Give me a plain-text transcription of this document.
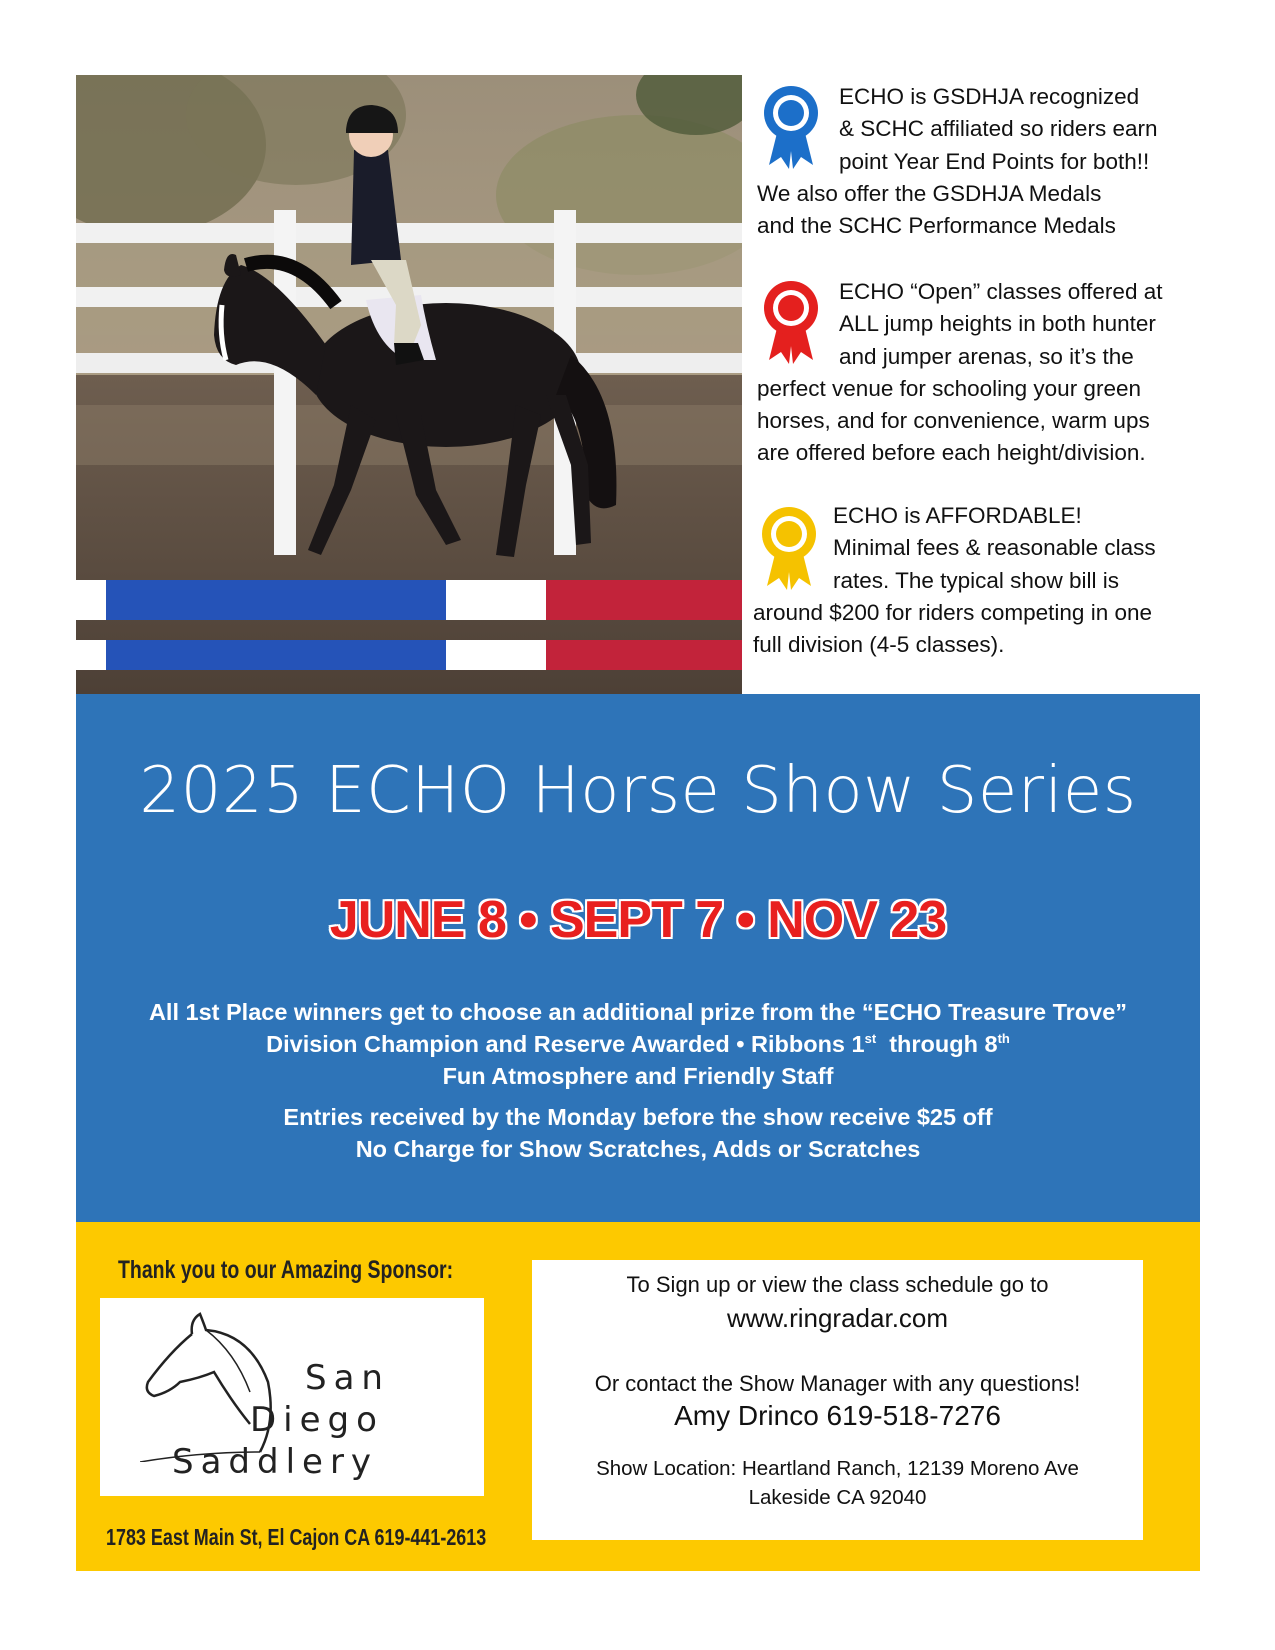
ECHO is GSDHJA recognized
& SCHC affiliated so riders earn
point Year End Points for both!!
We also offer the GSDHJA Medals
and the SCHC Performance Medals
ECHO “Open” classes offered at
ALL jump heights in both hunter
and jumper arenas, so it’s the
perfect venue for schooling your green
horses, and for convenience, warm ups
are offered before each height/division.
ECHO is AFFORDABLE!
Minimal fees & reasonable class
rates. The typical show bill is
around $200 for riders competing in one
full division (4-5 classes).
2025 ECHO Horse Show Series
JUNE 8 • SEPT 7 • NOV 23
All 1st Place winners get to choose an additional prize from the “ECHO Treasure Trove”
Division Champion and Reserve Awarded • Ribbons 1st  through 8th
Fun Atmosphere and Friendly Staff
Entries received by the Monday before the show receive $25 off
No Charge for Show Scratches, Adds or Scratches
Thank you to our Amazing Sponsor:
San
Diego
Saddlery
1783 East Main St, El Cajon CA 619-441-2613
To Sign up or view the class schedule go to
www.ringradar.com
Or contact the Show Manager with any questions!
Amy Drinco 619-518-7276
Show Location: Heartland Ranch, 12139 Moreno Ave
Lakeside CA 92040
